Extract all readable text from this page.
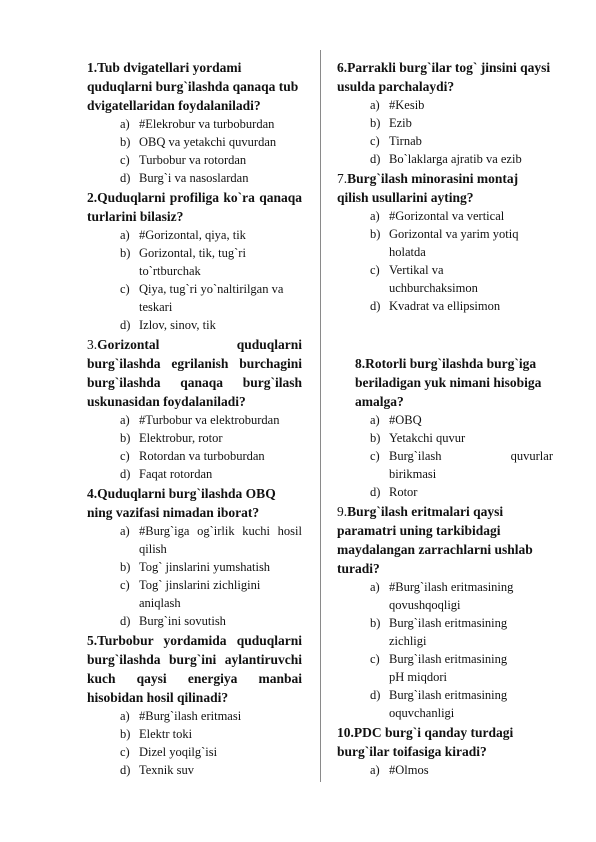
1.Tub dvigatellari yordami quduqlarni burg`ilashda qanaqa tub dvigatellaridan foydalaniladi?

a) #Elekrobur va turboburdan
b) OBQ va yetakchi quvurdan
c) Turbobur va rotordan
d) Burg`i va nasoslardan

2.Quduqlarni profiliga ko`ra qanaqa turlarini bilasiz?

a) #Gorizontal, qiya, tik
b) Gorizontal, tik, tug`ri to`rtburchak
c) Qiya, tug`ri yo`naltirilgan va teskari
d) Izlov, sinov, tik

3.Gorizontal quduqlarni burg`ilashda egrilanish burchagini burg`ilashda qanaqa burg`ilash uskunasidan foydalaniladi?

a) #Turbobur va elektroburdan
b) Elektrobur, rotor
c) Rotordan va turboburdan
d) Faqat rotordan

4.Quduqlarni burg`ilashda OBQ ning vazifasi nimadan iborat?

a) #Burg`iga og`irlik kuchi hosil qilish
b) Tog` jinslarini yumshatish
c) Tog` jinslarini zichligini aniqlash
d) Burg`ini sovutish

5.Turbobur yordamida quduqlarni burg`ilashda burg`ini aylantiruvchi kuch qaysi energiya manbai hisobidan hosil qilinadi?

a) #Burg`ilash eritmasi
b) Elektr toki
c) Dizel yoqilg`isi
d) Texnik suv

6.Parrakli burg`ilar tog` jinsini qaysi usulda parchalaydi?

a) #Kesib
b) Ezib
c) Tirnab
d) Bo`laklarga ajratib va ezib

7.Burg`ilash minorasini montaj qilish usullarini ayting?

a) #Gorizontal va vertical
b) Gorizontal va yarim yotiq holatda
c) Vertikal va uchburchaksimon
d) Kvadrat va ellipsimon

8.Rotorli burg`ilashda burg`iga beriladigan yuk nimani hisobiga amalga?

a) #OBQ
b) Yetakchi quvur
c) Burg`ilash quvurlar birikmasi
d) Rotor

9.Burg`ilash eritmalari qaysi paramatri uning tarkibidagi maydalangan zarrachlarni ushlab turadi?

a) #Burg`ilash eritmasining qovushqoqligi
b) Burg`ilash eritmasining zichligi
c) Burg`ilash eritmasining pH miqdori
d) Burg`ilash eritmasining oquvchanligi

10.PDC burg`i qanday turdagi burg`ilar toifasiga kiradi?

a) #Olmos
